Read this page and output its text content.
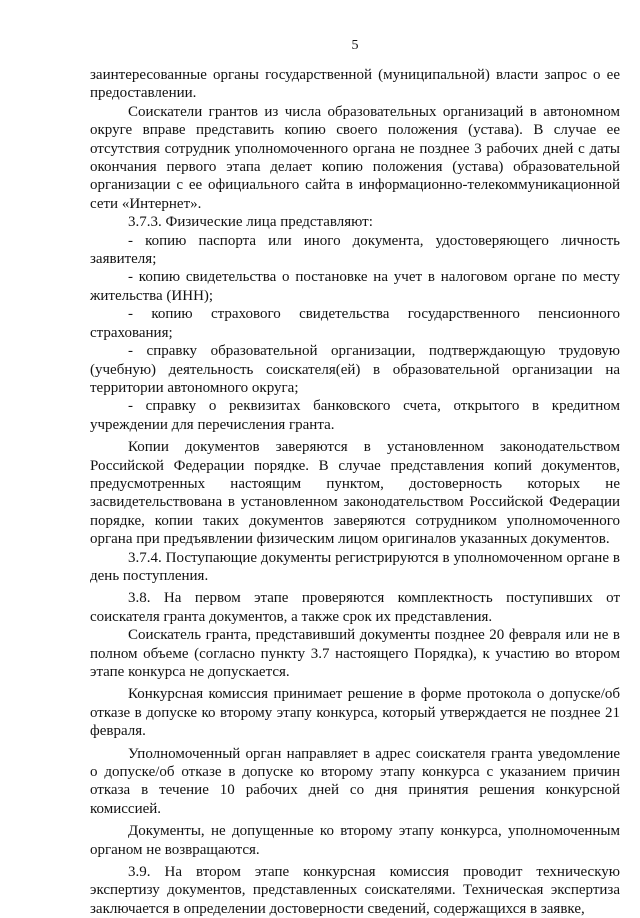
5

заинтересованные органы государственной (муниципальной) власти запрос о ее предоставлении.

Соискатели грантов из числа образовательных организаций в автономном округе вправе представить копию своего положения (устава). В случае ее отсутствия сотрудник уполномоченного органа не позднее 3 рабочих дней с даты окончания первого этапа делает копию положения (устава) образовательной организации с ее официального сайта в информационно-телекоммуникационной сети «Интернет».

3.7.3. Физические лица представляют:

- копию паспорта или иного документа, удостоверяющего личность заявителя;

- копию свидетельства о постановке на учет в налоговом органе по месту жительства (ИНН);

- копию страхового свидетельства государственного пенсионного страхования;

- справку образовательной организации, подтверждающую трудовую (учебную) деятельность соискателя(ей) в образовательной организации на территории автономного округа;

- справку о реквизитах банковского счета, открытого в кредитном учреждении для перечисления гранта.

Копии документов заверяются в установленном законодательством Российской Федерации порядке. В случае представления копий документов, предусмотренных настоящим пунктом, достоверность которых не засвидетельствована в установленном законодательством Российской Федерации порядке, копии таких документов заверяются сотрудником уполномоченного органа при предъявлении физическим лицом оригиналов указанных документов.

3.7.4. Поступающие документы регистрируются в уполномоченном органе в день поступления.

3.8. На первом этапе проверяются комплектность поступивших от соискателя гранта документов, а также срок их представления.

Соискатель гранта, представивший документы позднее 20 февраля или не в полном объеме (согласно пункту 3.7 настоящего Порядка), к участию во втором этапе конкурса не допускается.

Конкурсная комиссия принимает решение в форме протокола о допуске/об отказе в допуске ко второму этапу конкурса, который утверждается не позднее 21 февраля.

Уполномоченный орган направляет в адрес соискателя гранта уведомление о допуске/об отказе в допуске ко второму этапу конкурса с указанием причин отказа в течение 10 рабочих дней со дня принятия решения конкурсной комиссией.

Документы, не допущенные ко второму этапу конкурса, уполномоченным органом не возвращаются.

3.9. На втором этапе конкурсная комиссия проводит техническую экспертизу документов, представленных соискателями. Техническая экспертиза заключается в определении достоверности сведений, содержащихся в заявке,
